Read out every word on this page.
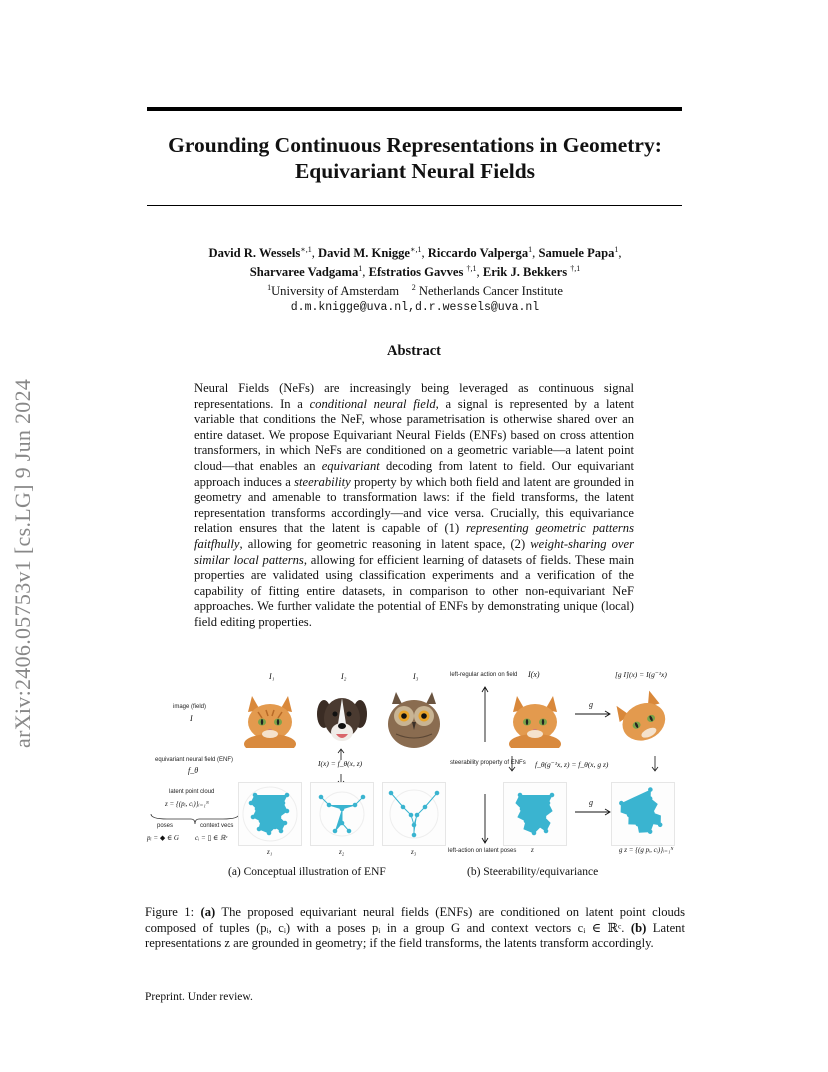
arXiv:2406.05753v1 [cs.LG] 9 Jun 2024
Grounding Continuous Representations in Geometry:
Equivariant Neural Fields
David R. Wessels$^{∗,1}$, David M. Knigge$^{∗,1}$, Riccardo Valperga$^1$, Samuele Papa$^1$,
Sharvaree Vadgama$^1$, Efstratios Gavves $^{\dagger,1}$, Erik J. Bekkers $^{\dagger,1}$
$^1$University of Amsterdam $^2$ Netherlands Cancer Institute
d.m.knigge@uva.nl,d.r.wessels@uva.nl
Abstract
Neural Fields (NeFs) are increasingly being leveraged as continuous signal representations. In a conditional neural field, a signal is represented by a latent variable that conditions the NeF, whose parametrisation is otherwise shared over an entire dataset. We propose Equivariant Neural Fields (ENFs) based on cross attention transformers, in which NeFs are conditioned on a geometric variable—a latent point cloud—that enables an equivariant decoding from latent to field. Our equivariant approach induces a steerability property by which both field and latent are grounded in geometry and amenable to transformation laws: if the field transforms, the latent representation transforms accordingly—and vice versa. Crucially, this equivariance relation ensures that the latent is capable of (1) representing geometric patterns faitfhully, allowing for geometric reasoning in latent space, (2) weight-sharing over similar local patterns, allowing for efficient learning of datasets of fields. These main properties are validated using classification experiments and a verification of the capability of fitting entire datasets, in comparison to other non-equivariant NeF approaches. We further validate the potential of ENFs by demonstrating unique (local) field editing properties.
image (field)
I
equivariant neural field (ENF)
f_θ
latent point cloud
z = {(pᵢ, cᵢ)}ᵢ₌₁ᴺ
poses	context vecs
pᵢ = ◆ ∈ G cᵢ = ▯ ∈ ℝᶜ
I₁	I₂	I₃
I(x) = f_θ(x, z)
z₁	z₂	z₃
left-regular action on field I(x)	[g I](x) = I(g⁻¹x)
g
steerability property of ENFs f_θ(g⁻¹x, z) = f_θ(x, g z)
g
left-action on latent poses z	g z = {(g pᵢ, cᵢ)}ᵢ₌₁ᴺ
(a) Conceptual illustration of ENF	(b) Steerability/equivariance
Figure 1: (a) The proposed equivariant neural fields (ENFs) are conditioned on latent point clouds composed of tuples (pᵢ, cᵢ) with a poses pᵢ in a group G and context vectors cᵢ ∈ ℝᶜ. (b) Latent representations z are grounded in geometry; if the field transforms, the latents transform accordingly.
Preprint. Under review.
